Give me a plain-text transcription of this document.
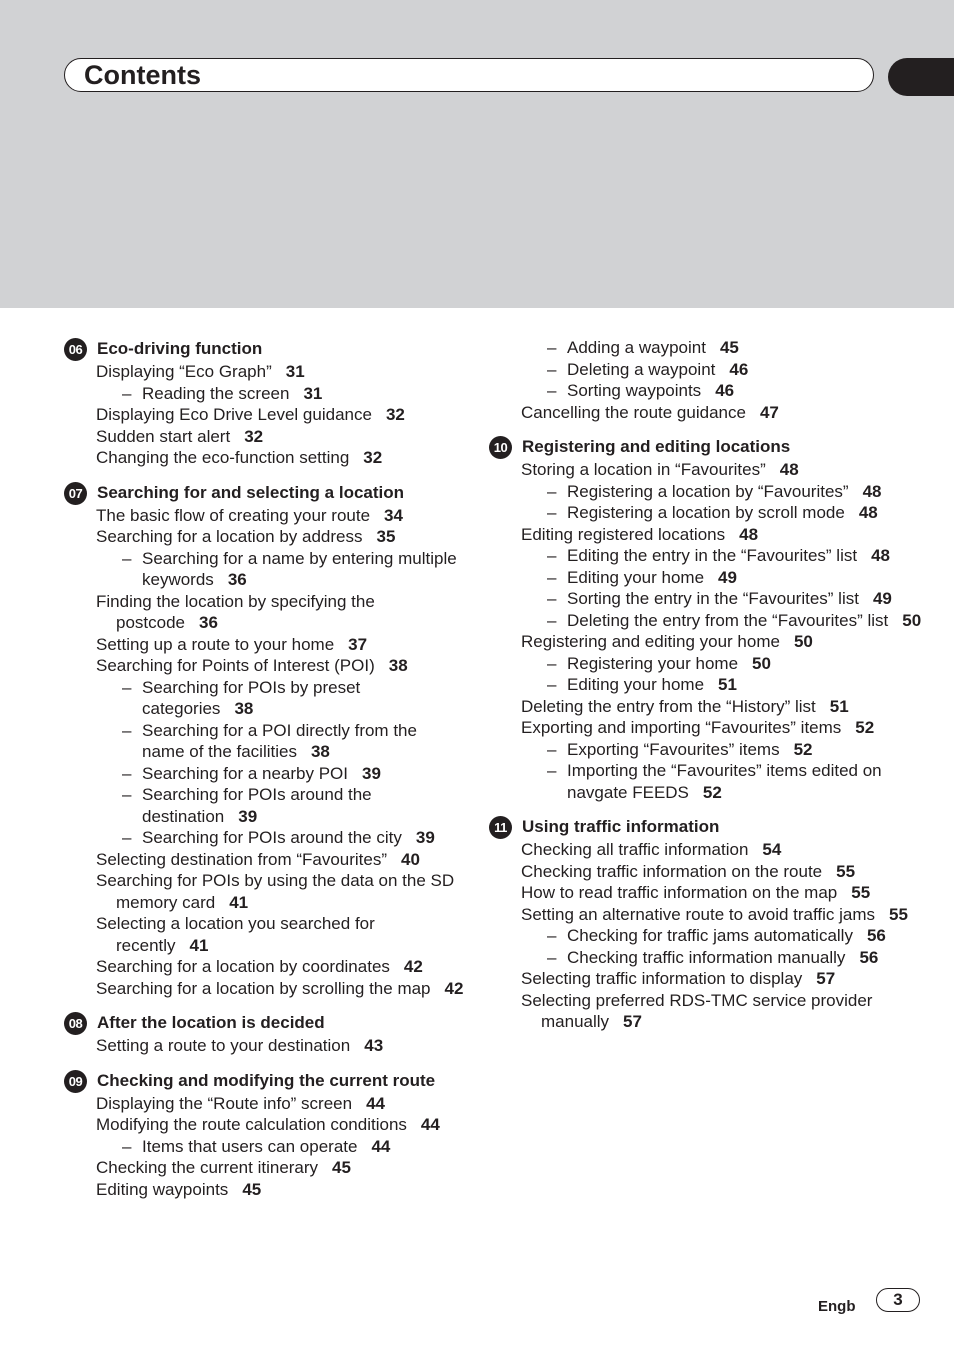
Contents
06 Eco-driving function
Displaying “Eco Graph” 31
– Reading the screen 31
Displaying Eco Drive Level guidance 32
Sudden start alert 32
Changing the eco-function setting 32
07 Searching for and selecting a location
The basic flow of creating your route 34
Searching for a location by address 35
– Searching for a name by entering multiple keywords 36
Finding the location by specifying the postcode 36
Setting up a route to your home 37
Searching for Points of Interest (POI) 38
– Searching for POIs by preset categories 38
– Searching for a POI directly from the name of the facilities 38
– Searching for a nearby POI 39
– Searching for POIs around the destination 39
– Searching for POIs around the city 39
Selecting destination from “Favourites” 40
Searching for POIs by using the data on the SD memory card 41
Selecting a location you searched for recently 41
Searching for a location by coordinates 42
Searching for a location by scrolling the map 42
08 After the location is decided
Setting a route to your destination 43
09 Checking and modifying the current route
Displaying the “Route info” screen 44
Modifying the route calculation conditions 44
– Items that users can operate 44
Checking the current itinerary 45
Editing waypoints 45
– Adding a waypoint 45
– Deleting a waypoint 46
– Sorting waypoints 46
Cancelling the route guidance 47
10 Registering and editing locations
Storing a location in “Favourites” 48
– Registering a location by “Favourites” 48
– Registering a location by scroll mode 48
Editing registered locations 48
– Editing the entry in the “Favourites” list 48
– Editing your home 49
– Sorting the entry in the “Favourites” list 49
– Deleting the entry from the “Favourites” list 50
Registering and editing your home 50
– Registering your home 50
– Editing your home 51
Deleting the entry from the “History” list 51
Exporting and importing “Favourites” items 52
– Exporting “Favourites” items 52
– Importing the “Favourites” items edited on navgate FEEDS 52
11 Using traffic information
Checking all traffic information 54
Checking traffic information on the route 55
How to read traffic information on the map 55
Setting an alternative route to avoid traffic jams 55
– Checking for traffic jams automatically 56
– Checking traffic information manually 56
Selecting traffic information to display 57
Selecting preferred RDS-TMC service provider manually 57
Engb	3
